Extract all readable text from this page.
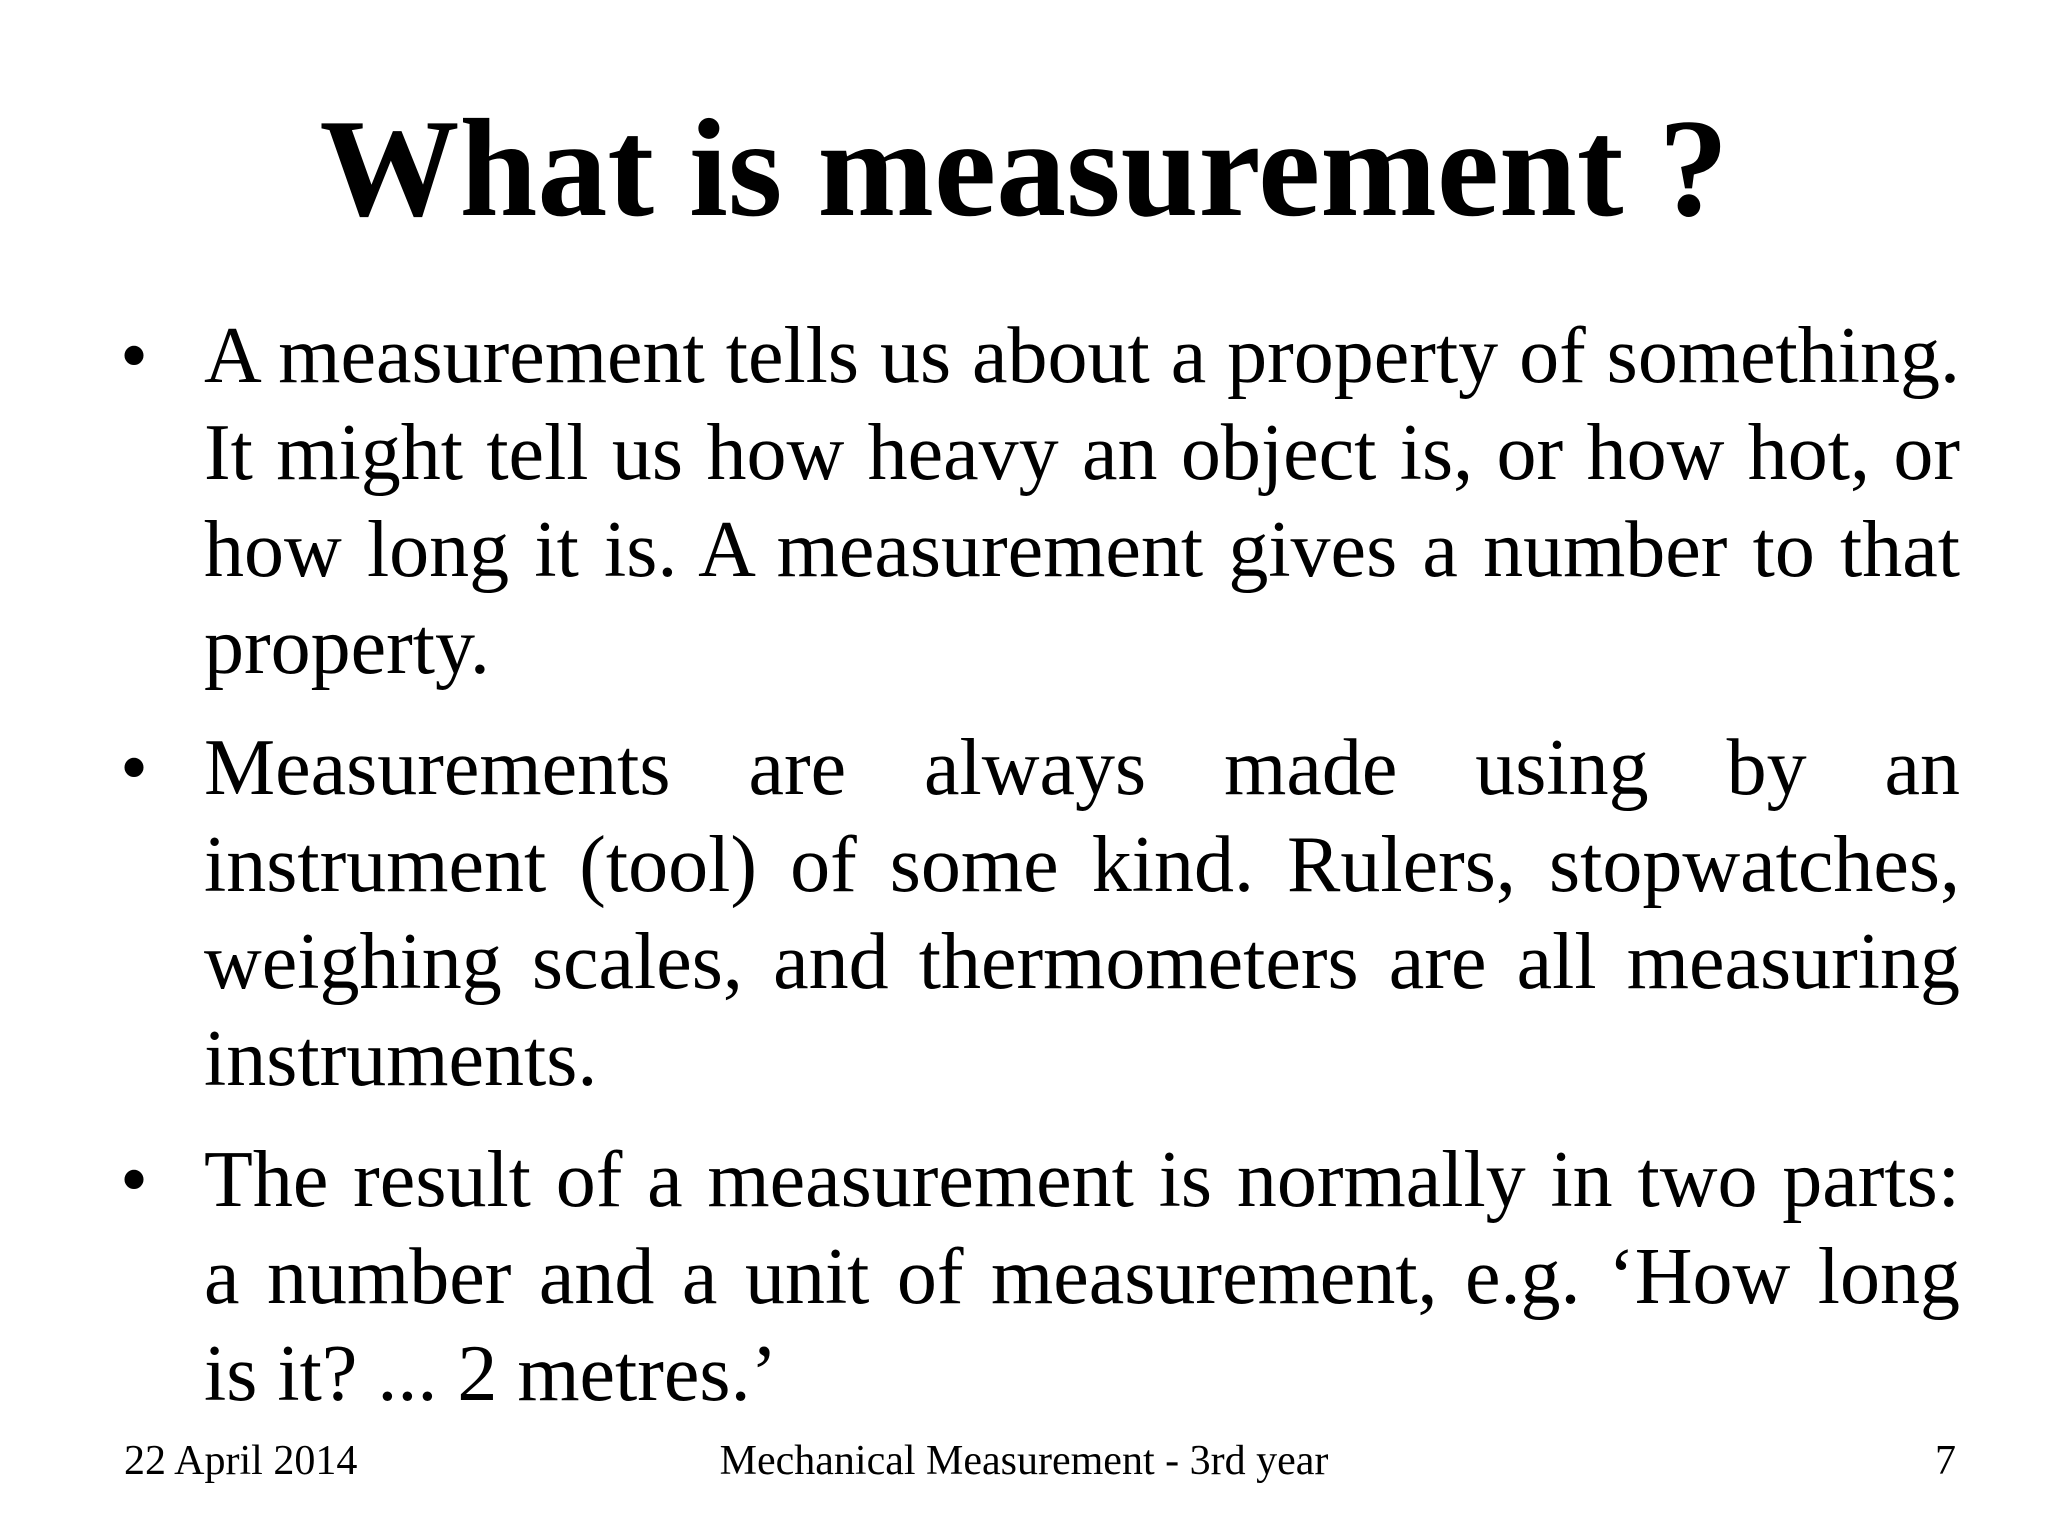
What is measurement ?
• A measurement tells us about a property of something. It might tell us how heavy an object is, or how hot, or how long it is. A measurement gives a number to that property.
• Measurements are always made using by an instrument (tool) of some kind. Rulers, stopwatches, weighing scales, and thermometers are all measuring instruments.
• The result of a measurement is normally in two parts: a number and a unit of measurement, e.g. ‘How long is it? ... 2 metres.’
22 April 2014	Mechanical Measurement - 3rd year	7
